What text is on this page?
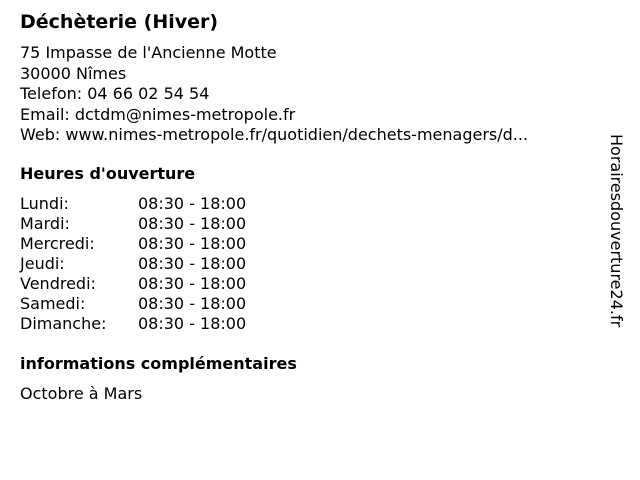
Déchèterie (Hiver)
75 Impasse de l'Ancienne Motte
30000 Nîmes
Telefon: 04 66 02 54 54
Email: dctdm@nimes-metropole.fr
Web: www.nimes-metropole.fr/quotidien/dechets-menagers/d...
Heures d'ouverture
Lundi:	08:30 - 18:00
Mardi:	08:30 - 18:00
Mercredi:	08:30 - 18:00
Jeudi:	08:30 - 18:00
Vendredi:	08:30 - 18:00
Samedi:	08:30 - 18:00
Dimanche: 08:30 - 18:00
informations complémentaires
Octobre à Mars
Horairesdouverture24.fr
